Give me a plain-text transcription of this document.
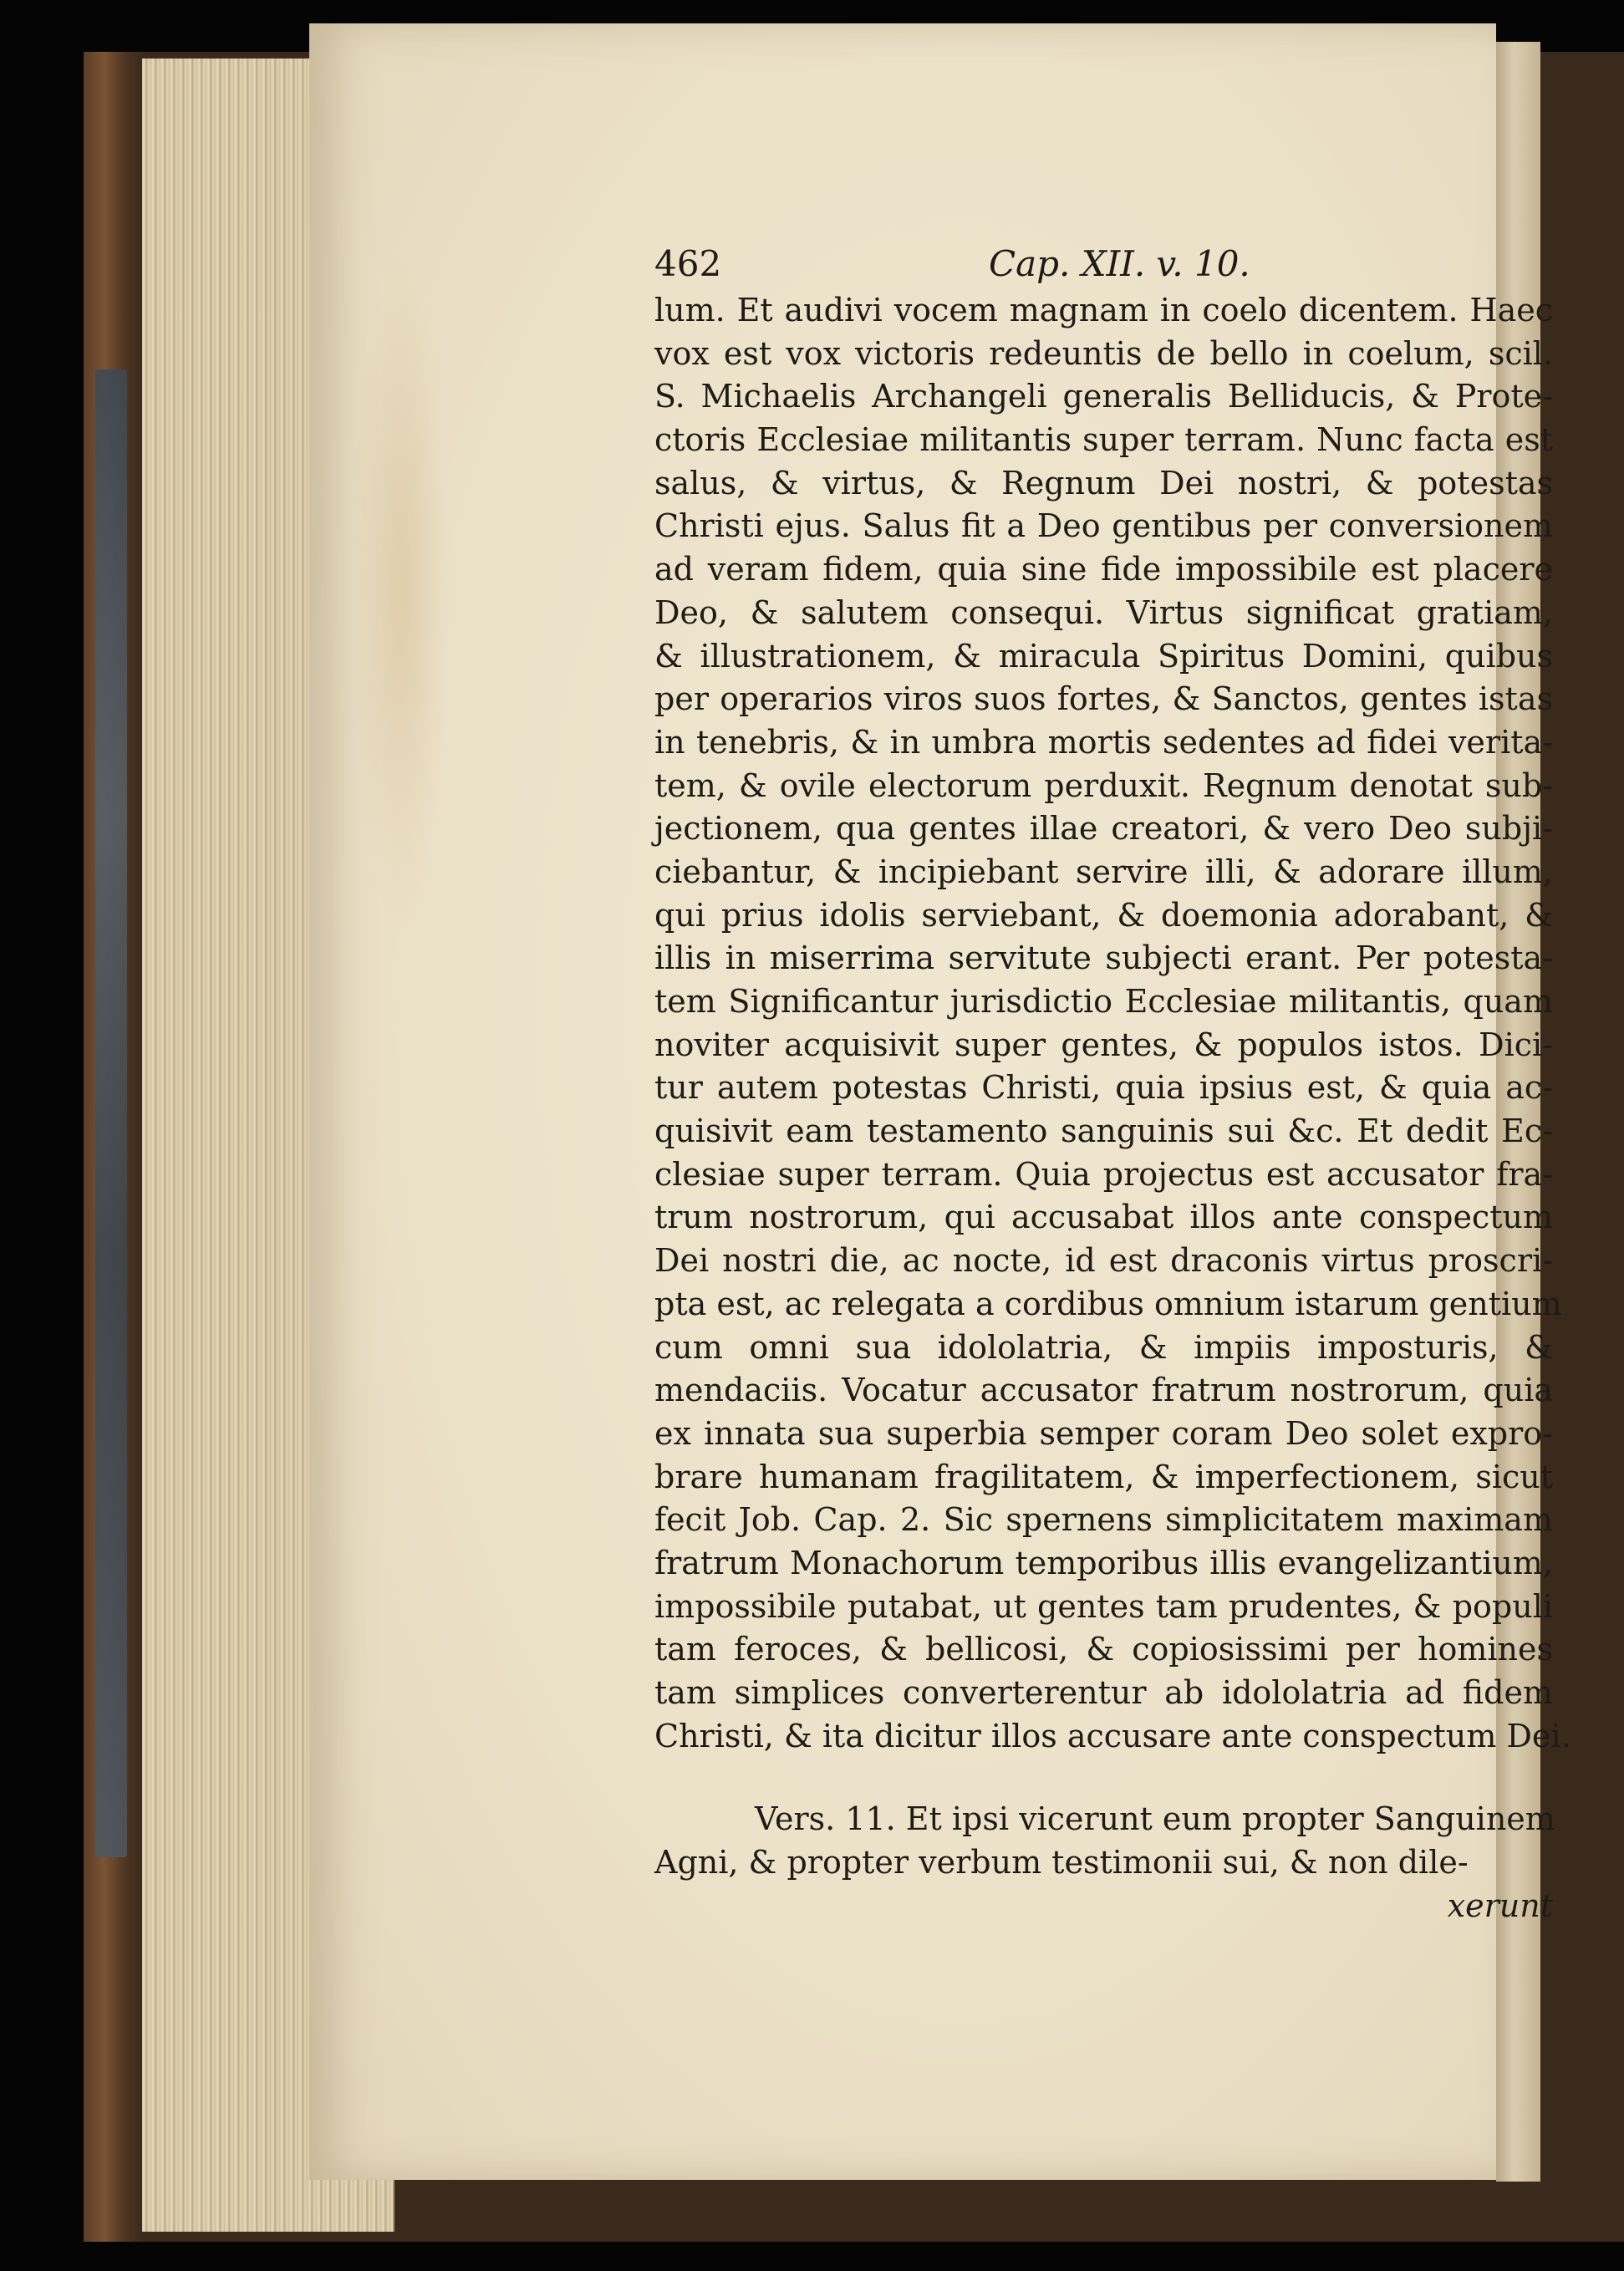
462	Cap. XII. v. 10.
lum. Et audivi vocem magnam in coelo dicentem. Haec
vox est vox victoris redeuntis de bello in coelum, scil.
S. Michaelis Archangeli generalis Belliducis, & Prote-
ctoris Ecclesiae militantis super terram. Nunc facta est
salus, & virtus, & Regnum Dei nostri, & potestas
Christi ejus. Salus fit a Deo gentibus per conversionem
ad veram fidem, quia sine fide impossibile est placere
Deo, & salutem consequi. Virtus significat gratiam,
& illustrationem, & miracula Spiritus Domini, quibus
per operarios viros suos fortes, & Sanctos, gentes istas
in tenebris, & in umbra mortis sedentes ad fidei verita-
tem, & ovile electorum perduxit. Regnum denotat sub-
jectionem, qua gentes illae creatori, & vero Deo subji-
ciebantur, & incipiebant servire illi, & adorare illum,
qui prius idolis serviebant, & doemonia adorabant, &
illis in miserrima servitute subjecti erant. Per potesta-
tem Significantur jurisdictio Ecclesiae militantis, quam
noviter acquisivit super gentes, & populos istos. Dici-
tur autem potestas Christi, quia ipsius est, & quia ac-
quisivit eam testamento sanguinis sui &c. Et dedit Ec-
clesiae super terram. Quia projectus est accusator fra-
trum nostrorum, qui accusabat illos ante conspectum
Dei nostri die, ac nocte, id est draconis virtus proscri-
pta est, ac relegata a cordibus omnium istarum gentium
cum omni sua idololatria, & impiis imposturis, &
mendaciis. Vocatur accusator fratrum nostrorum, quia
ex innata sua superbia semper coram Deo solet expro-
brare humanam fragilitatem, & imperfectionem, sicut
fecit Job. Cap. 2. Sic spernens simplicitatem maximam
fratrum Monachorum temporibus illis evangelizantium,
impossibile putabat, ut gentes tam prudentes, & populi
tam feroces, & bellicosi, & copiosissimi per homines
tam simplices converterentur ab idololatria ad fidem
Christi, & ita dicitur illos accusare ante conspectum Dei.
Vers. 11. Et ipsi vicerunt eum propter Sanguinem
Agni, & propter verbum testimonii sui, & non dile-
xerunt
